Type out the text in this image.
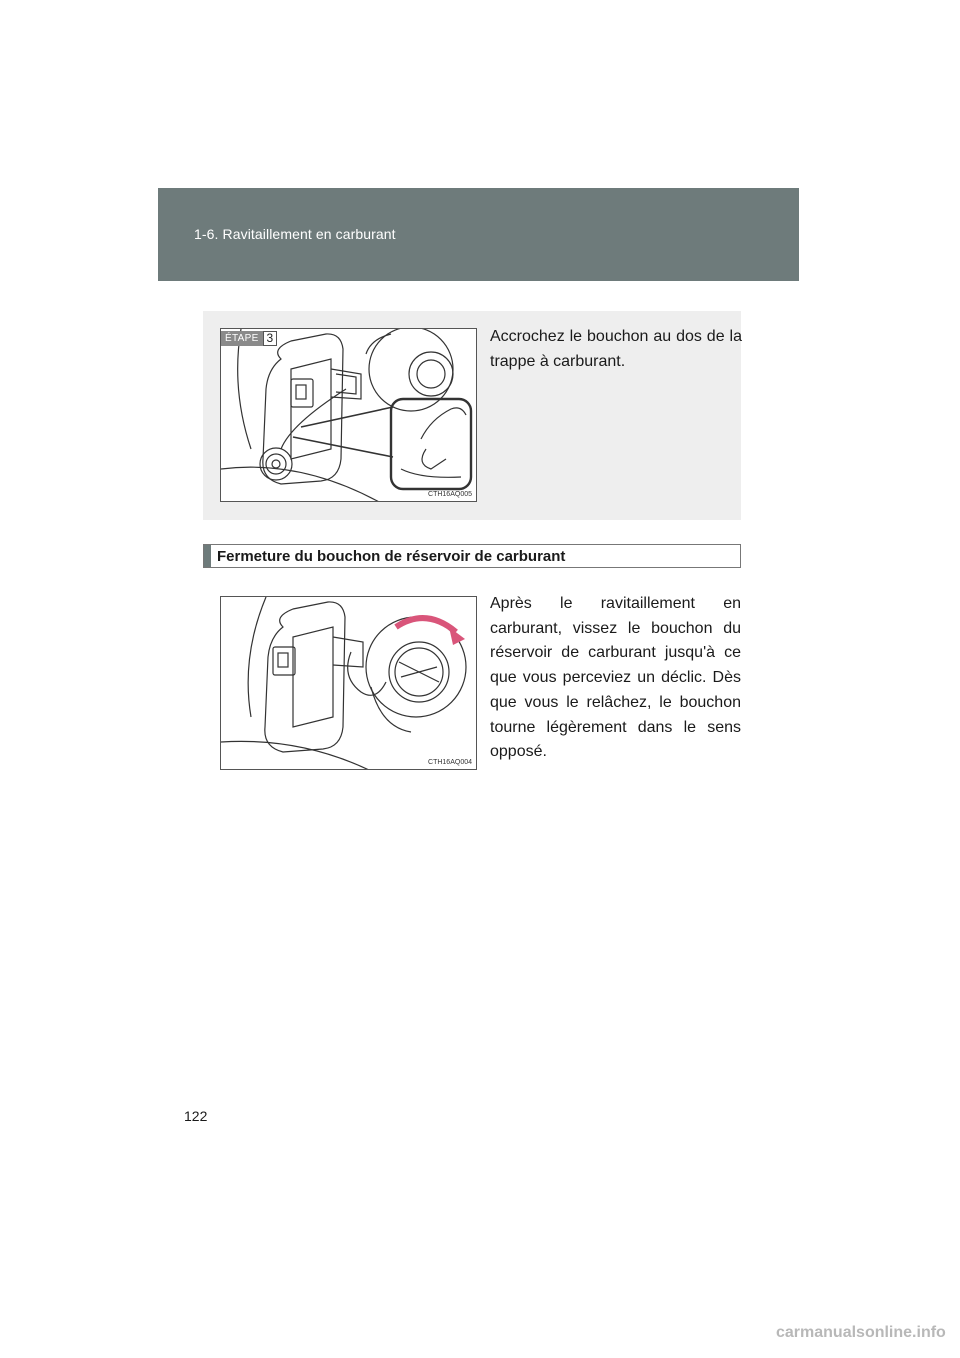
1-6. Ravitaillement en carburant
ÉTAPE 3
CTH16AQ005
Accrochez le bouchon au dos de la trappe à carburant.
Fermeture du bouchon de réservoir de carburant
CTH16AQ004
Après le ravitaillement en carburant, vissez le bouchon du réservoir de carburant jusqu'à ce que vous perceviez un déclic. Dès que vous le relâchez, le bouchon tourne légèrement dans le sens opposé.
122
carmanualsonline.info
